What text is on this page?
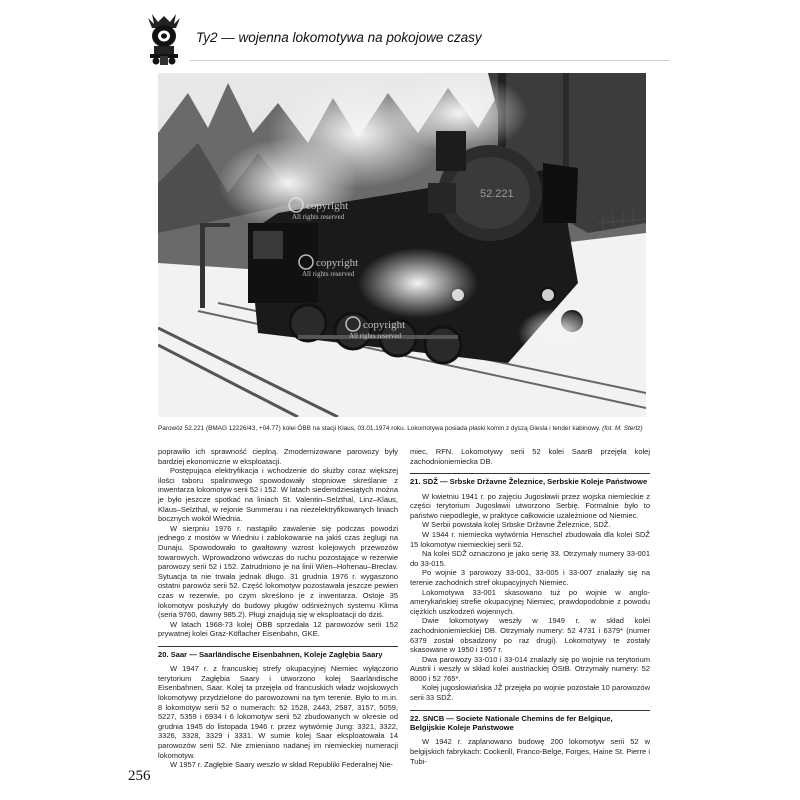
Ty2 — wojenna lokomotywa na pokojowe czasy
copyright
All rights reserved
copyright
All rights reserved
copyright
All rights reserved
52.221
Parowóz 52.221 (BMAG 12226/43, +04.77) kolei ÖBB na stacji Klaus, 03.01.1974 roku. Lokomotywa posiada płaski komin z dyszą Giesla i tender kabinowy. (fot. M. Stertz)

poprawiło ich sprawność cieplną. Zmodernizowane parowozy były bardziej ekonomiczne w eksploatacji.

Postępująca elektryfikacja i wchodzenie do służby coraz większej ilości taboru spalinowego spowodowały stopniowe skreślanie z inwentarza lokomotyw serii 52 i 152. W latach siedemdziesiątych można je było jeszcze spotkać na liniach St. Valentin–Selzthal, Linz–Klaus, Klaus–Selzthal, w rejonie Summerau i na niezelektryfikowanych liniach bocznych wokół Wiednia.

W sierpniu 1976 r. nastąpiło zawalenie się podczas powodzi jednego z mostów w Wiedniu i zablokowanie na jakiś czas żeglugi na Dunaju. Spowodowało to gwałtowny wzrost kolejowych przewozów towarowych. Wprowadzono wówczas do ruchu pozostające w rezerwie parowozy serii 52 i 152. Zatrudniono je na linii Wien–Hohenau–Breclav. Sytuacja ta nie trwała jednak długo. 31 grudnia 1976 r. wygaszono ostatni parowóz serii 52. Część lokomotyw pozostawała jeszcze pewien czas w rezerwie, po czym skreślono je z inwentarza. Ostoje 35 lokomotyw posłużyły do budowy pługów odśnieżnych systemu Klima (seria 9760, dawny 985.2). Pługi znajdują się w eksploatacji do dziś.

W latach 1968-73 kolej ÖBB sprzedała 12 parowozów serii 152 prywatnej kolei Graz-Köflacher Eisenbahn, GKE.

20. Saar — Saarländische Eisenbahnen, Koleje Zagłębia Saary

W 1947 r. z francuskiej strefy okupacyjnej Niemiec wyłączono terytorium Zagłębia Saary i utworzono kolej Saarländische Eisenbahnen, Saar. Kolej ta przejęła od francuskich władz wojskowych lokomotywy przydzielone do parowozowni na tym terenie. Było to m.in. 8 lokomotyw serii 52 o numerach: 52 1528, 2443, 2587, 3157, 5059, 5227, 5359 i 6934 i 6 lokomotyw serii 52 zbudowanych w okresie od grudnia 1945 do listopada 1946 r. przez wytwórnię Jung: 3321, 3322, 3326, 3328, 3329 i 3331. W sumie kolej Saar eksploatowała 14 parowozów serii 52. Nie zmieniano nadanej im niemieckiej numeracji lokomotyw.

W 1957 r. Zagłębie Saary weszło w skład Republiki Federalnej Nie-

miec, RFN. Lokomotywy serii 52 kolei SaarB przejęła kolej zachodnioniemiecka DB.

21. SDŽ — Srbske Državne Železnice, Serbskie Koleje Państwowe

W kwietniu 1941 r. po zajęciu Jugosławii przez wojska niemieckie z części terytorium Jugosławii utworzono Serbię. Formalnie było to państwo niepodległe, w praktyce całkowicie uzależnione od Niemiec.

W Serbii powstała kolej Srbske Državne Železnice, SDŽ.

W 1944 r. niemiecka wytwórnia Henschel zbudowała dla kolei SDŽ 15 lokomotyw niemieckiej serii 52.

Na kolei SDŽ oznaczono je jako serię 33. Otrzymały numery 33-001 do 33-015.

Po wojnie 3 parowozy 33-001, 33-005 i 33-007 znalazły się na terenie zachodnich stref okupacyjnych Niemiec.

Lokomotywa 33-001 skasowano tuż po wojnie w anglo-amerykańskiej strefie okupacyjnej Niemiec, prawdopodobnie z powodu ciężkich uszkodzeń wojennych.

Dwie lokomotywy weszły w 1949 r. w skład kolei zachodnioniemieckiej DB. Otrzymały numery: 52 4731 i 6379* (numer 6379 został obsadzony po raz drugi). Lokomotywy te zostały skasowane w 1950 i 1957 r.

Dwa parowozy 33-010 i 33-014 znalazły się po wojnie na terytorium Austrii i weszły w skład kolei austriackiej ÖStB. Otrzymały numery: 52 8000 i 52 765*.

Kolej jugosłowiańska JŽ przejęła po wojnie pozostałe 10 parowozów serii 33 SDŽ.

22. SNCB — Societe Nationale Chemins de fer Belgique, Belgijskie Koleje Państwowe

W 1942 r. zaplanowano budowę 200 lokomotyw serii 52 w belgijskich fabrykach: Cockerill, Franco-Belge, Forges, Haine St. Pierre i Tubi-

256
